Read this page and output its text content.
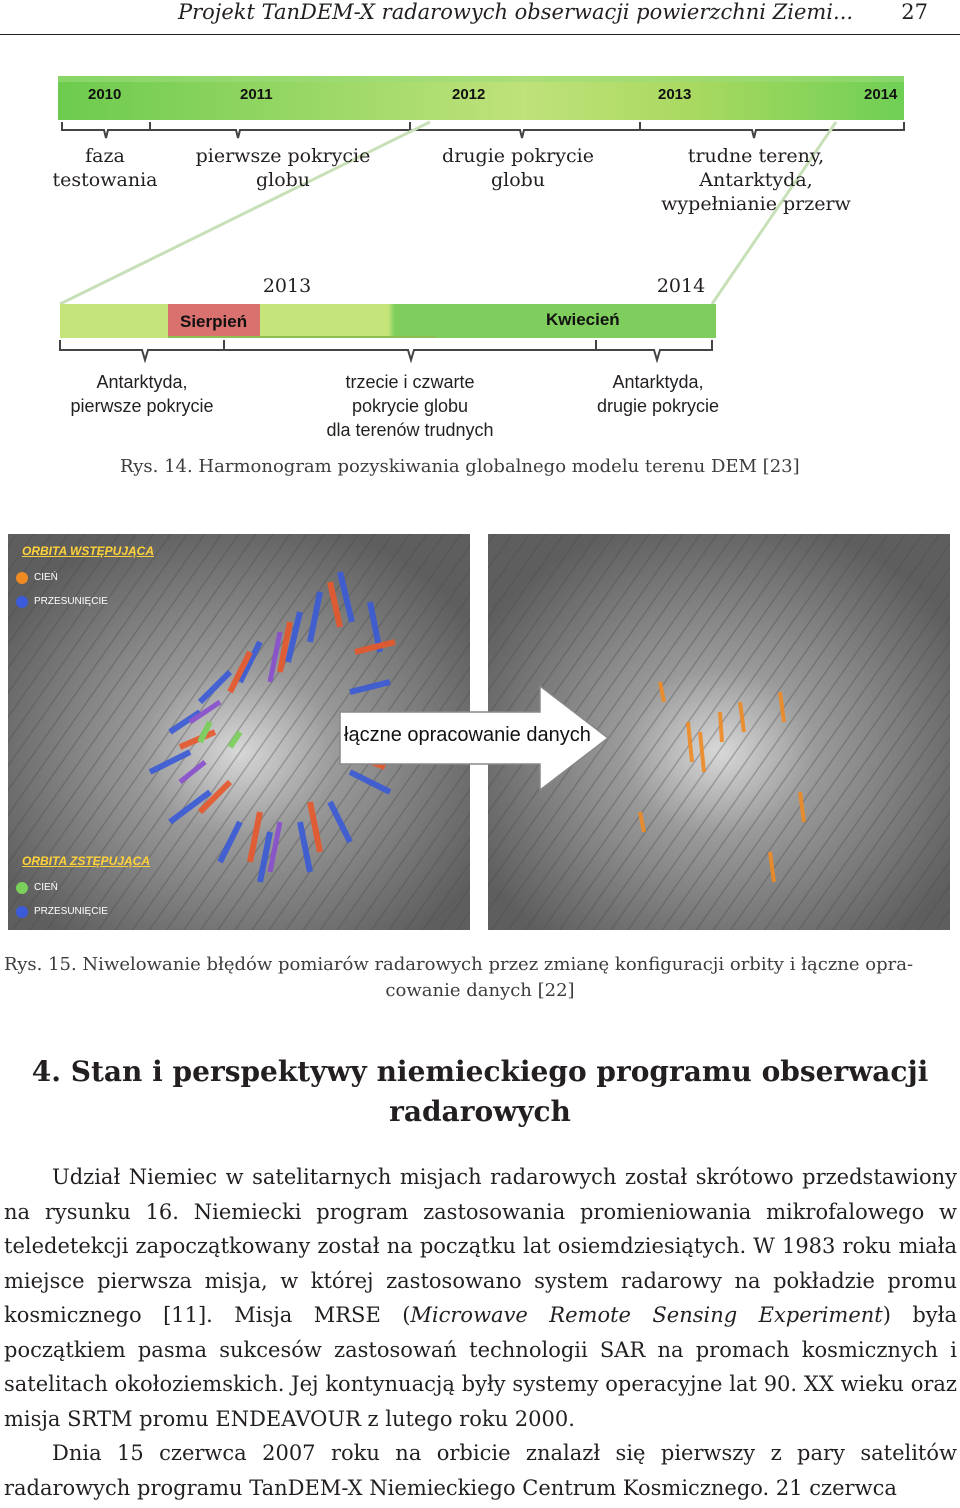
Projekt TanDEM-X radarowych obserwacji powierzchni Ziemi... 27
2010	2011	2012	2013	2014
faza
testowania
pierwsze pokrycie
globu
drugie pokrycie
globu
trudne tereny, Antarktyda,
wypełnianie przerw
2013	2014
Sierpień	Kwiecień
Antarktyda,
pierwsze pokrycie
trzecie i czwarte
pokrycie globu
dla terenów trudnych
Antarktyda,
drugie pokrycie
Rys. 14. Harmonogram pozyskiwania globalnego modelu terenu DEM [23]
ORBITA WSTĘPUJĄCA
CIEŃ
PRZESUNIĘCIE
ORBITA ZSTĘPUJĄCA
CIEŃ
PRZESUNIĘCIE
łączne opracowanie danych
Rys. 15. Niwelowanie błędów pomiarów radarowych przez zmianę konfiguracji orbity i łączne opra-
cowanie danych [22]
4. Stan i perspektywy niemieckiego programu obserwacji
radarowych

Udział Niemiec w satelitarnych misjach radarowych został skrótowo przedstawiony na rysunku 16. Niemiecki program zastosowania promieniowania mikrofalowego w teledetekcji zapoczątkowany został na początku lat osiemdziesiątych. W 1983 roku miała miejsce pierwsza misja, w której zastosowano system radarowy na pokładzie promu kosmicznego [11]. Misja MRSE (Microwave Remote Sensing Experiment) była początkiem pasma sukcesów zastosowań technologii SAR na promach kosmicznych i satelitach okołoziemskich. Jej kontynuacją były systemy operacyjne lat 90. XX wieku oraz misja SRTM promu ENDEAVOUR z lutego roku 2000.

Dnia 15 czerwca 2007 roku na orbicie znalazł się pierwszy z pary satelitów radarowych programu TanDEM-X Niemieckiego Centrum Kosmicznego. 21 czerwca
